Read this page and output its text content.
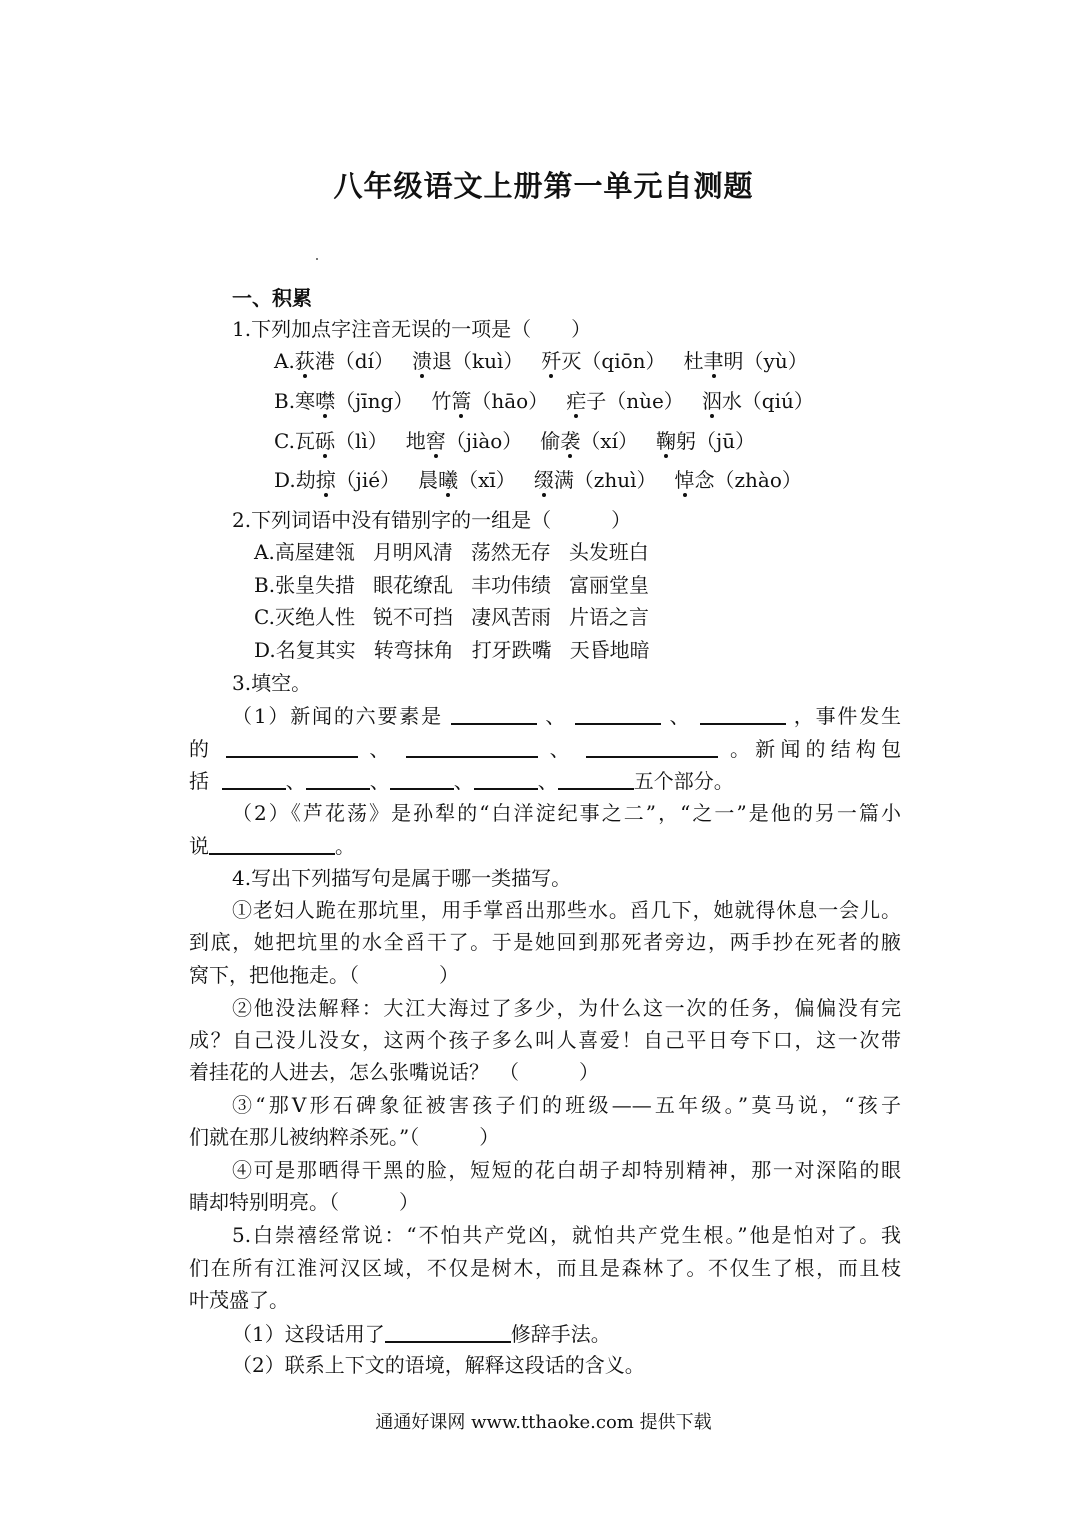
八年级语文上册第一单元自测题
一、积累
1.下列加点字注音无误的一项是（　　）
A.荻港（dí） 溃退（kuì） 歼灭（qiōn） 杜聿明（yù）
B.寒噤（jīng） 竹篙（hāo） 疟子（nùe） 泅水（qiú）
C.瓦砾（lì） 地窖（jiào） 偷袭（xí） 鞠躬（jū）
D.劫掠（jié） 晨曦（xī） 缀满（zhuì） 悼念（zhào）
2.下列词语中没有错别字的一组是（　　　）
A.高屋建瓴 月明风清 荡然无存 头发班白
B.张皇失措 眼花缭乱 丰功伟绩 富丽堂皇
C.灭绝人性 锐不可挡 凄风苦雨 片语之言
D.名复其实 转弯抹角 打牙跌嘴 天昏地暗
3.填空。
（1）新闻的六要素是	、	、	，事件发生
的	、	、	。新闻的结构包
括	、	、	、	、	五个部分。
（2）《芦花荡》是孙犁的“白洋淀纪事之二”，“之一”是他的另一篇小
说	。
4.写出下列描写句是属于哪一类描写。
①老妇人跪在那坑里，用手掌舀出那些水。舀几下，她就得休息一会儿。
到底，她把坑里的水全舀干了。于是她回到那死者旁边，两手抄在死者的腋
窝下，把他拖走。（　　　　）
②他没法解释：大江大海过了多少，为什么这一次的任务，偏偏没有完
成？自己没儿没女，这两个孩子多么叫人喜爱！自己平日夸下口，这一次带
着挂花的人进去，怎么张嘴说话？　（　　　）
③“那V形石碑象征被害孩子们的班级——五年级。”莫马说，“孩子
们就在那儿被纳粹杀死。”（　　　）
④可是那晒得干黑的脸，短短的花白胡子却特别精神，那一对深陷的眼
睛却特别明亮。（　　　）
5.白崇禧经常说：“不怕共产党凶，就怕共产党生根。”他是怕对了。我
们在所有江淮河汉区域，不仅是树木，而且是森林了。不仅生了根，而且枝
叶茂盛了。
（1）这段话用了	修辞手法。
（2）联系上下文的语境，解释这段话的含义。
通通好课网 www.tthaoke.com 提供下载
